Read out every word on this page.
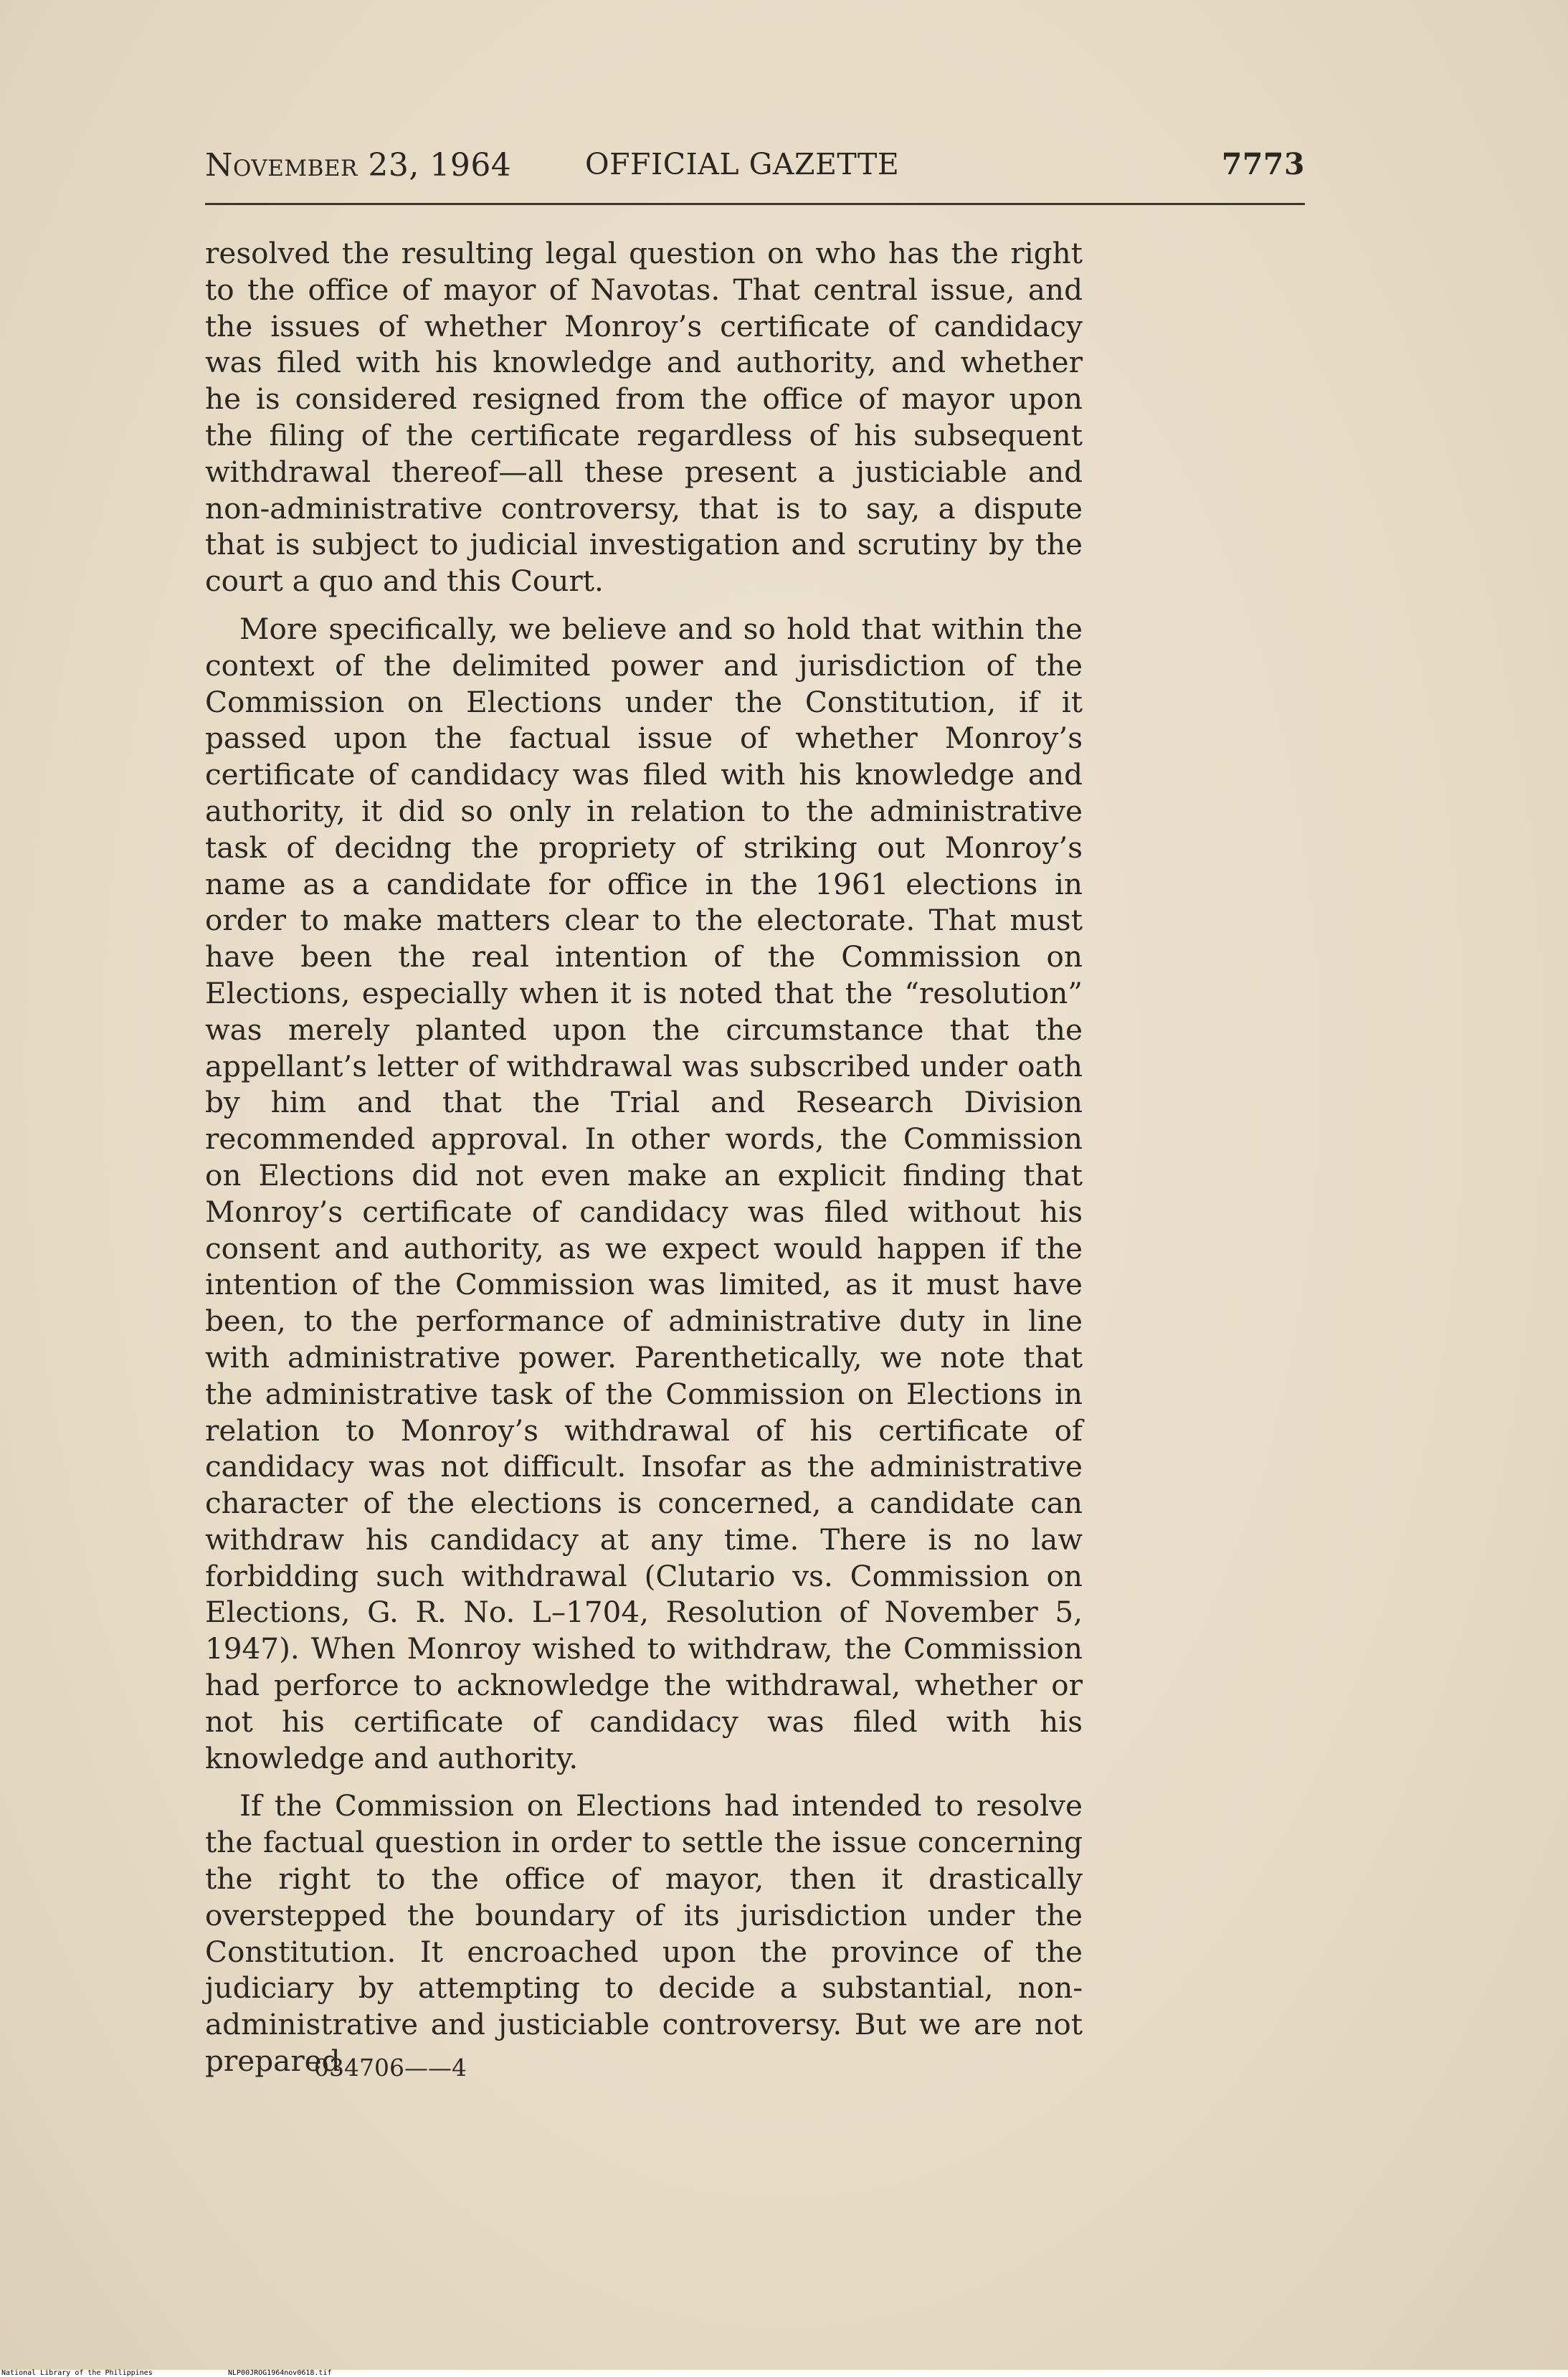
November 23, 1964	OFFICIAL GAZETTE	7773

resolved the resulting legal question on who has the right to the office of mayor of Navotas. That central issue, and the issues of whether Monroy’s certificate of candidacy was filed with his knowledge and authority, and whether he is considered resigned from the office of mayor upon the filing of the certificate regardless of his subsequent withdrawal thereof—all these present a justiciable and non-administrative controversy, that is to say, a dispute that is subject to judicial investigation and scrutiny by the court a quo and this Court.

More specifically, we believe and so hold that within the context of the delimited power and jurisdiction of the Commission on Elections under the Constitution, if it passed upon the factual issue of whether Monroy’s certificate of candidacy was filed with his knowledge and authority, it did so only in relation to the administrative task of decidng the propriety of striking out Monroy’s name as a candidate for office in the 1961 elections in order to make matters clear to the electorate. That must have been the real intention of the Commission on Elections, especially when it is noted that the “resolution” was merely planted upon the circumstance that the appellant’s letter of withdrawal was subscribed under oath by him and that the Trial and Research Division recommended approval. In other words, the Commission on Elections did not even make an explicit finding that Monroy’s certificate of candidacy was filed without his consent and authority, as we expect would happen if the intention of the Commission was limited, as it must have been, to the performance of administrative duty in line with administrative power. Parenthetically, we note that the administrative task of the Commission on Elections in relation to Monroy’s withdrawal of his certificate of candidacy was not difficult. Insofar as the administrative character of the elections is concerned, a candidate can withdraw his candidacy at any time. There is no law forbidding such withdrawal (Clutario vs. Commission on Elections, G. R. No. L–1704, Resolution of November 5, 1947). When Monroy wished to withdraw, the Commission had perforce to acknowledge the withdrawal, whether or not his certificate of candidacy was filed with his knowledge and authority.

If the Commission on Elections had intended to resolve the factual question in order to settle the issue concerning the right to the office of mayor, then it drastically overstepped the boundary of its jurisdiction under the Constitution. It encroached upon the province of the judiciary by attempting to decide a substantial, non-administrative and justiciable controversy. But we are not prepared

034706——4
National Library of the Philippines	NLP00JROG1964nov0618.tif
